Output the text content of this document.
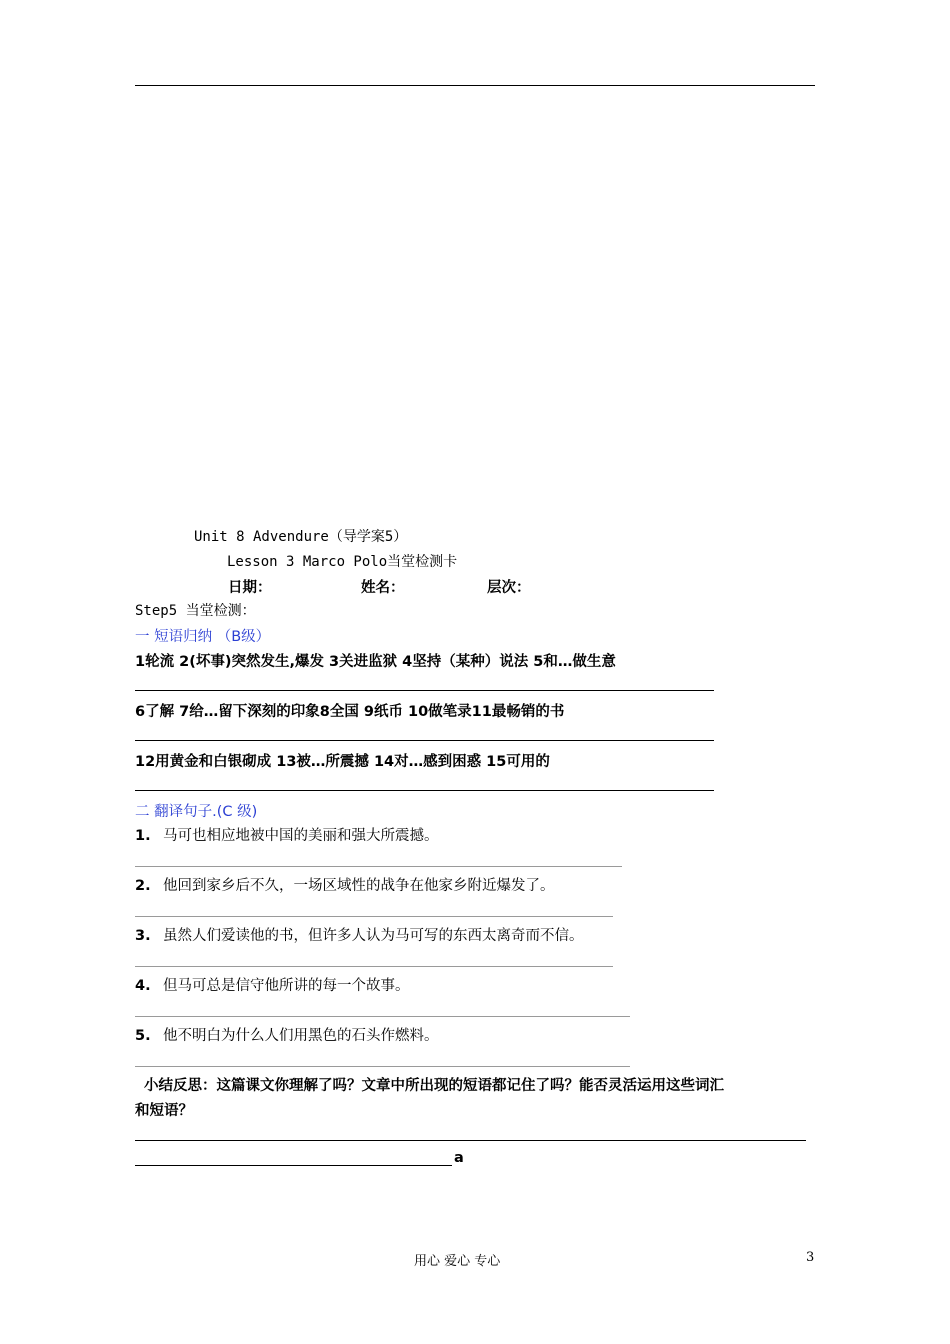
Unit 8 Advendure（导学案5）
Lesson 3 Marco Polo当堂检测卡
日期：	姓名：	层次：
Step5 当堂检测：
一 短语归纳 （B级）
1轮流 2(坏事)突然发生,爆发 3关进监狱 4坚持（某种）说法 5和…做生意
6了解 7给…留下深刻的印象8全国 9纸币 10做笔录11最畅销的书
12用黄金和白银砌成 13被…所震撼 14对…感到困惑 15可用的
二 翻译句子.(C 级)
1. 马可也相应地被中国的美丽和强大所震撼。
2. 他回到家乡后不久，一场区域性的战争在他家乡附近爆发了。
3. 虽然人们爱读他的书，但许多人认为马可写的东西太离奇而不信。
4. 但马可总是信守他所讲的每一个故事。
5. 他不明白为什么人们用黑色的石头作燃料。
小结反思：这篇课文你理解了吗？文章中所出现的短语都记住了吗？能否灵活运用这些词汇
和短语？
a
用心 爱心 专心	3
